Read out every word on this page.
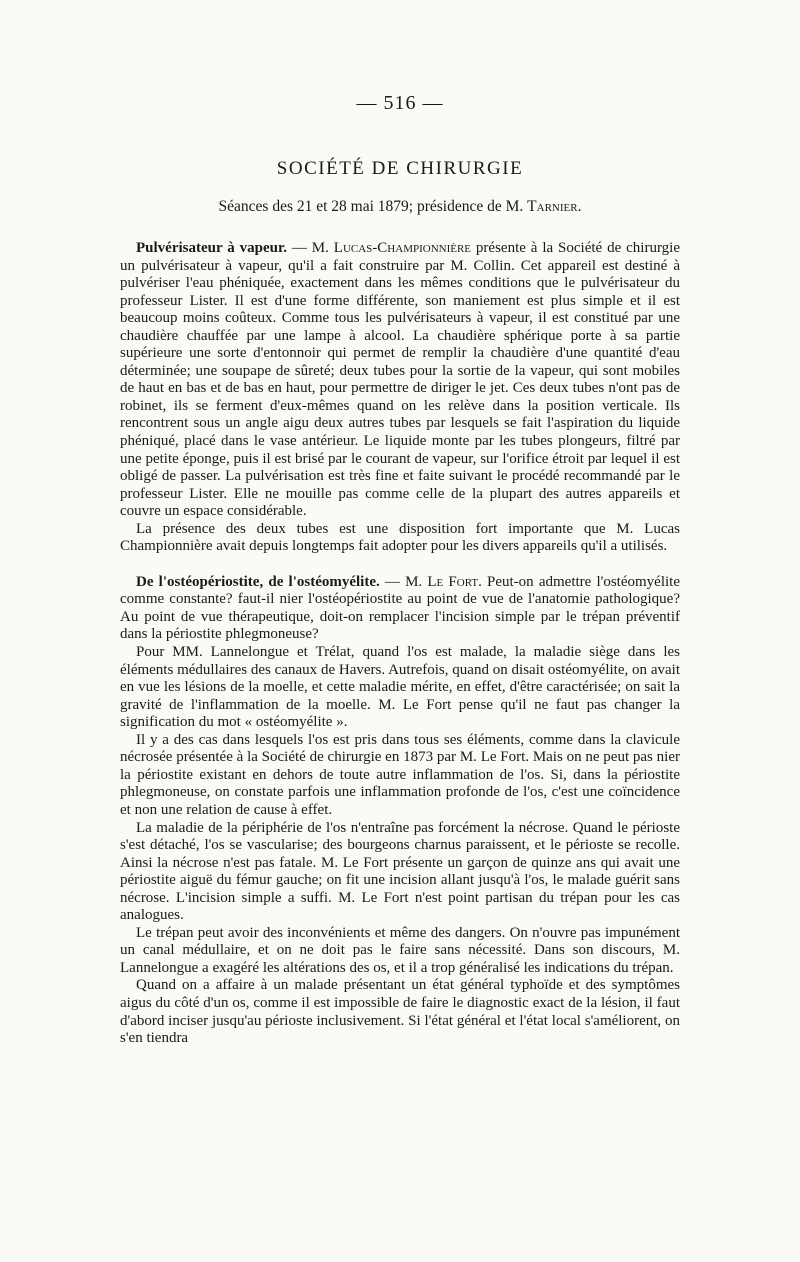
— 516 —
SOCIÉTÉ DE CHIRURGIE
Séances des 21 et 28 mai 1879; présidence de M. Tarnier.

Pulvérisateur à vapeur. — M. Lucas-Championnière présente à la Société de chirurgie un pulvérisateur à vapeur, qu'il a fait construire par M. Collin. Cet appareil est destiné à pulvériser l'eau phéniquée, exactement dans les mêmes conditions que le pulvérisateur du professeur Lister. Il est d'une forme différente, son maniement est plus simple et il est beaucoup moins coûteux. Comme tous les pulvérisateurs à vapeur, il est constitué par une chaudière chauffée par une lampe à alcool. La chaudière sphérique porte à sa partie supérieure une sorte d'entonnoir qui permet de remplir la chaudière d'une quantité d'eau déterminée; une soupape de sûreté; deux tubes pour la sortie de la vapeur, qui sont mobiles de haut en bas et de bas en haut, pour permettre de diriger le jet. Ces deux tubes n'ont pas de robinet, ils se ferment d'eux-mêmes quand on les relève dans la position verticale. Ils rencontrent sous un angle aigu deux autres tubes par lesquels se fait l'aspiration du liquide phéniqué, placé dans le vase antérieur. Le liquide monte par les tubes plongeurs, filtré par une petite éponge, puis il est brisé par le courant de vapeur, sur l'orifice étroit par lequel il est obligé de passer. La pulvérisation est très fine et faite suivant le procédé recommandé par le professeur Lister. Elle ne mouille pas comme celle de la plupart des autres appareils et couvre un espace considérable.

La présence des deux tubes est une disposition fort importante que M. Lucas Championnière avait depuis longtemps fait adopter pour les divers appareils qu'il a utilisés.

De l'ostéopériostite, de l'ostéomyélite. — M. Le Fort. Peut-on admettre l'ostéomyélite comme constante? faut-il nier l'ostéopériostite au point de vue de l'anatomie pathologique? Au point de vue thérapeutique, doit-on remplacer l'incision simple par le trépan préventif dans la périostite phlegmoneuse?

Pour MM. Lannelongue et Trélat, quand l'os est malade, la maladie siège dans les éléments médullaires des canaux de Havers. Autrefois, quand on disait ostéomyélite, on avait en vue les lésions de la moelle, et cette maladie mérite, en effet, d'être caractérisée; on sait la gravité de l'inflammation de la moelle. M. Le Fort pense qu'il ne faut pas changer la signification du mot « ostéomyélite ».

Il y a des cas dans lesquels l'os est pris dans tous ses éléments, comme dans la clavicule nécrosée présentée à la Société de chirurgie en 1873 par M. Le Fort. Mais on ne peut pas nier la périostite existant en dehors de toute autre inflammation de l'os. Si, dans la périostite phlegmoneuse, on constate parfois une inflammation profonde de l'os, c'est une coïncidence et non une relation de cause à effet.

La maladie de la périphérie de l'os n'entraîne pas forcément la nécrose. Quand le périoste s'est détaché, l'os se vascularise; des bourgeons charnus paraissent, et le périoste se recolle. Ainsi la nécrose n'est pas fatale. M. Le Fort présente un garçon de quinze ans qui avait une périostite aiguë du fémur gauche; on fit une incision allant jusqu'à l'os, le malade guérit sans nécrose. L'incision simple a suffi. M. Le Fort n'est point partisan du trépan pour les cas analogues.

Le trépan peut avoir des inconvénients et même des dangers. On n'ouvre pas impunément un canal médullaire, et on ne doit pas le faire sans nécessité. Dans son discours, M. Lannelongue a exagéré les altérations des os, et il a trop généralisé les indications du trépan.

Quand on a affaire à un malade présentant un état général typhoïde et des symptômes aigus du côté d'un os, comme il est impossible de faire le diagnostic exact de la lésion, il faut d'abord inciser jusqu'au périoste inclusivement. Si l'état général et l'état local s'améliorent, on s'en tiendra
